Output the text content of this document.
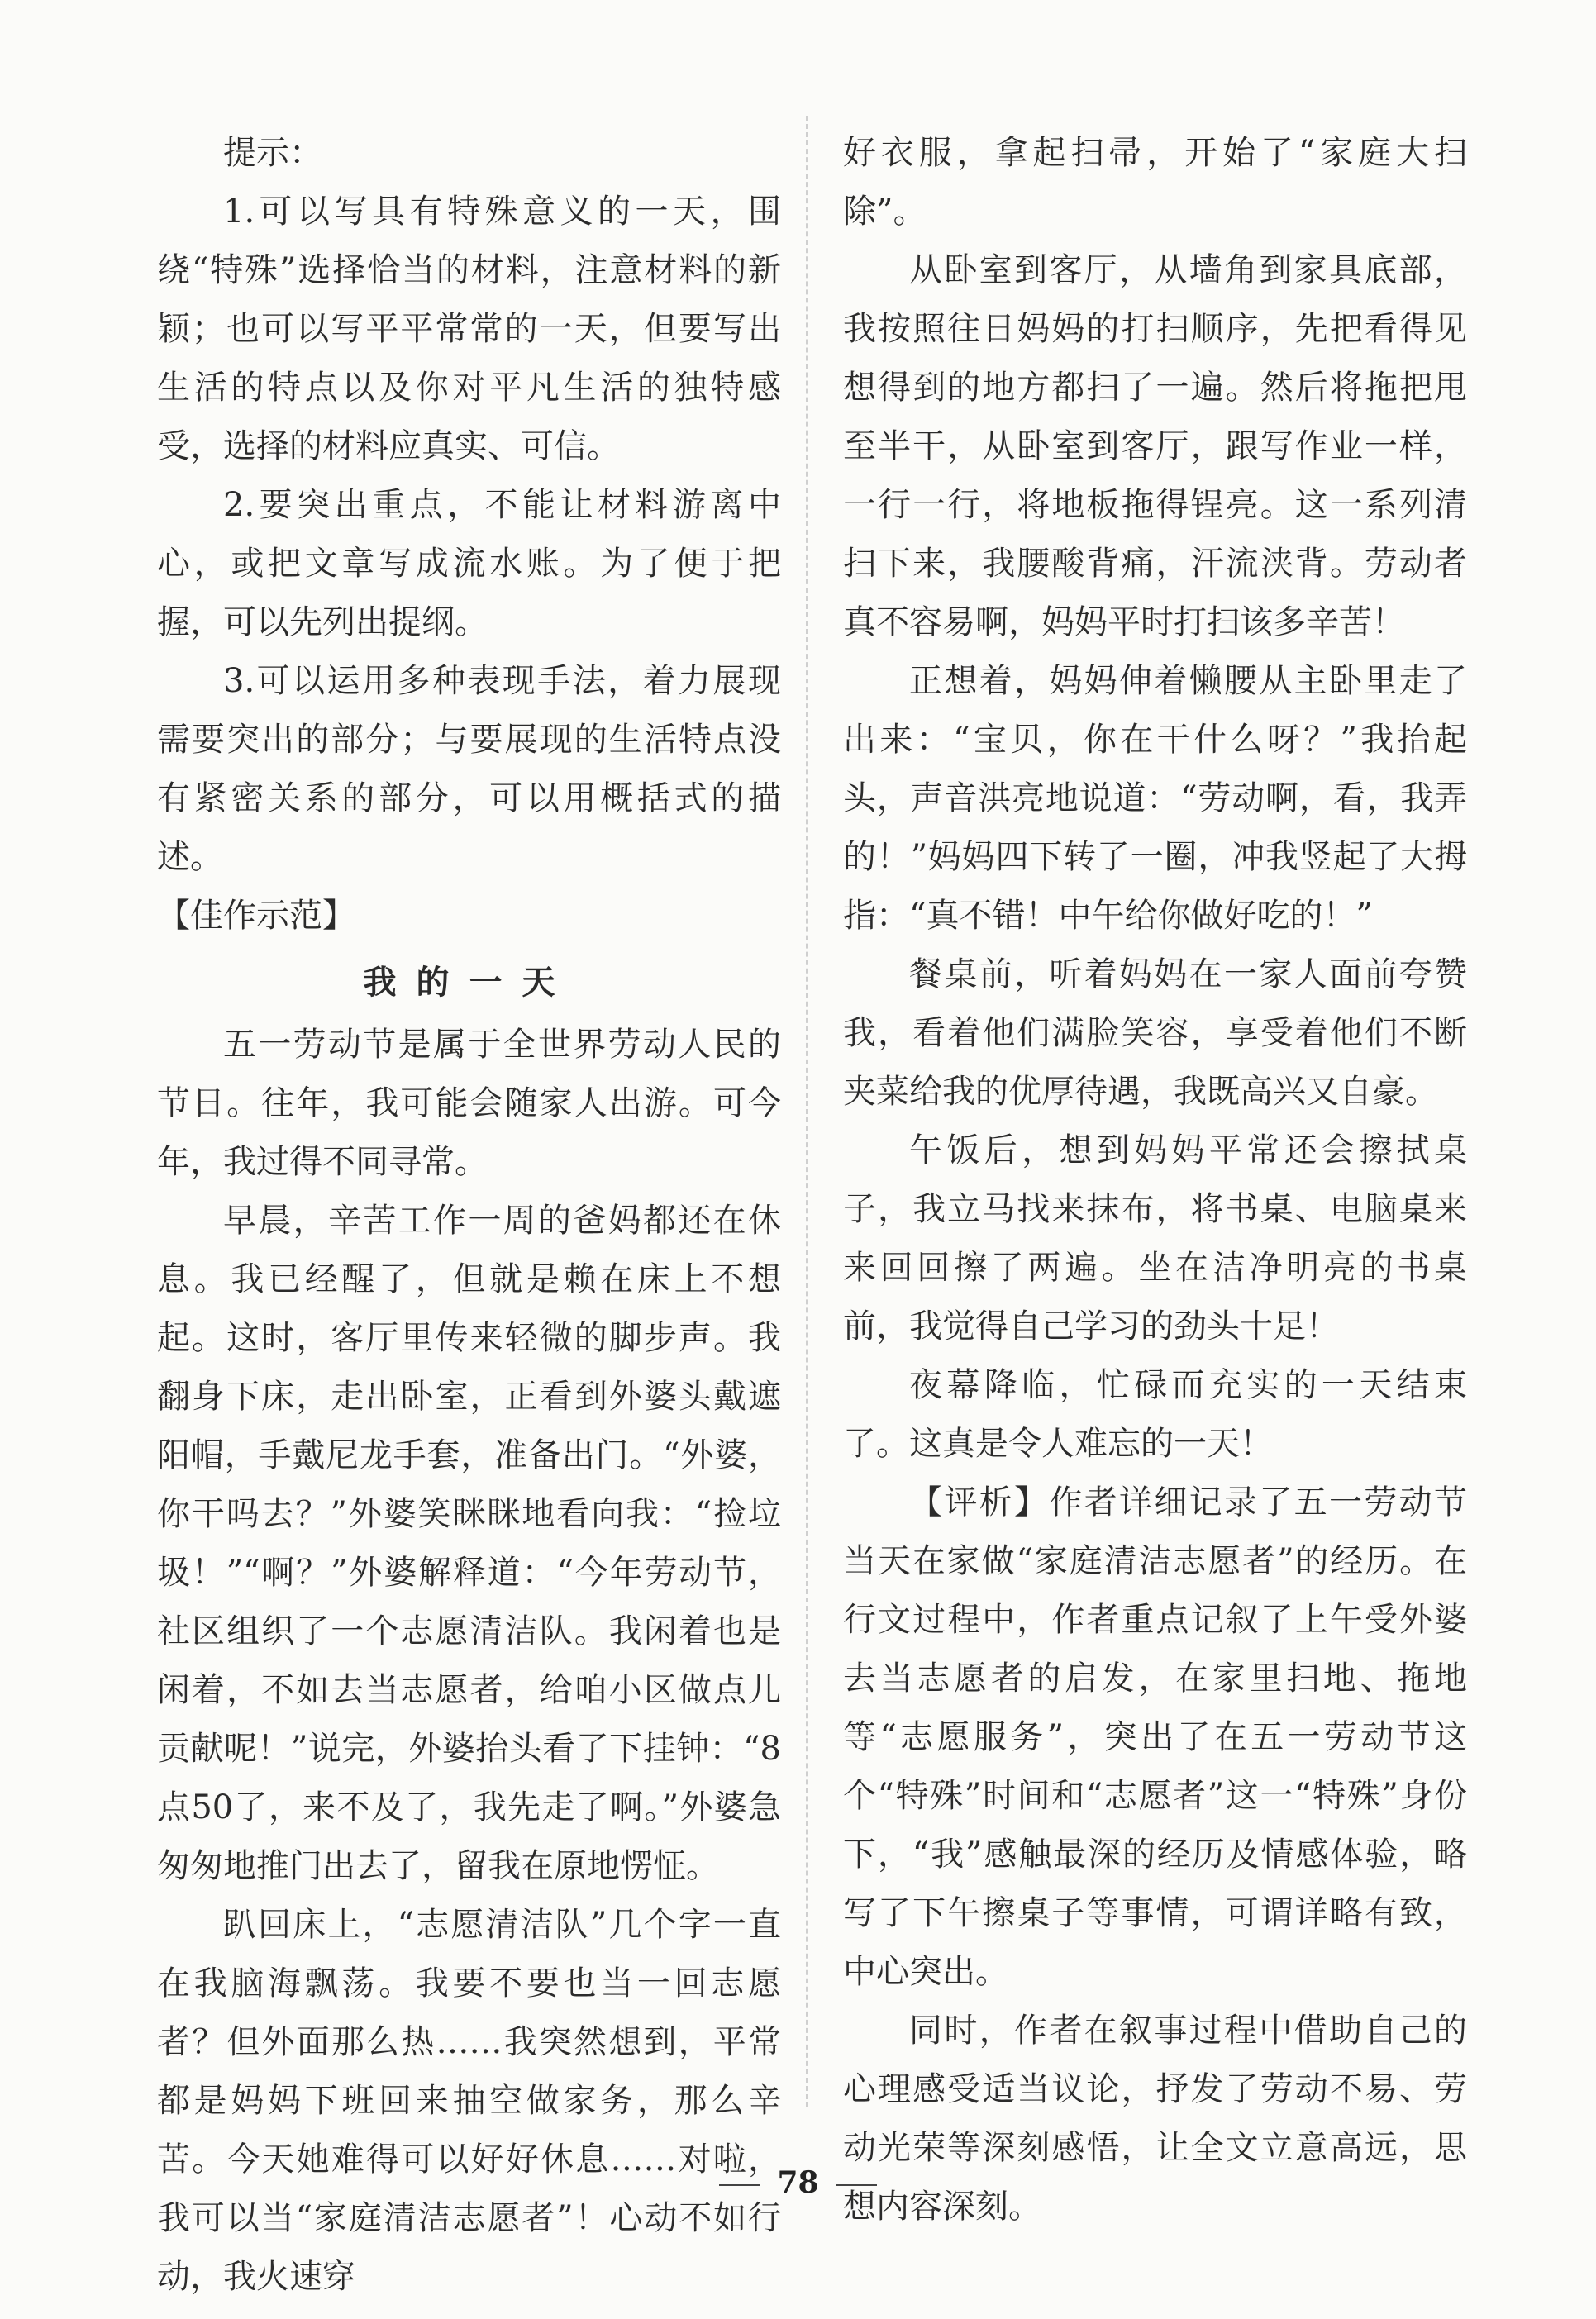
提示：

1.可以写具有特殊意义的一天，围绕“特殊”选择恰当的材料，注意材料的新颖；也可以写平平常常的一天，但要写出生活的特点以及你对平凡生活的独特感受，选择的材料应真实、可信。

2.要突出重点，不能让材料游离中心，或把文章写成流水账。为了便于把握，可以先列出提纲。

3.可以运用多种表现手法，着力展现需要突出的部分；与要展现的生活特点没有紧密关系的部分，可以用概括式的描述。

【佳作示范】

我的一天

五一劳动节是属于全世界劳动人民的节日。往年，我可能会随家人出游。可今年，我过得不同寻常。

早晨，辛苦工作一周的爸妈都还在休息。我已经醒了，但就是赖在床上不想起。这时，客厅里传来轻微的脚步声。我翻身下床，走出卧室，正看到外婆头戴遮阳帽，手戴尼龙手套，准备出门。“外婆，你干吗去？”外婆笑眯眯地看向我：“捡垃圾！”“啊？”外婆解释道：“今年劳动节，社区组织了一个志愿清洁队。我闲着也是闲着，不如去当志愿者，给咱小区做点儿贡献呢！”说完，外婆抬头看了下挂钟：“8点50了，来不及了，我先走了啊。”外婆急匆匆地推门出去了，留我在原地愣怔。

趴回床上，“志愿清洁队”几个字一直在我脑海飘荡。我要不要也当一回志愿者？但外面那么热……我突然想到，平常都是妈妈下班回来抽空做家务，那么辛苦。今天她难得可以好好休息……对啦，我可以当“家庭清洁志愿者”！心动不如行动，我火速穿

好衣服，拿起扫帚，开始了“家庭大扫除”。

从卧室到客厅，从墙角到家具底部，我按照往日妈妈的打扫顺序，先把看得见想得到的地方都扫了一遍。然后将拖把甩至半干，从卧室到客厅，跟写作业一样，一行一行，将地板拖得锃亮。这一系列清扫下来，我腰酸背痛，汗流浃背。劳动者真不容易啊，妈妈平时打扫该多辛苦！

正想着，妈妈伸着懒腰从主卧里走了出来：“宝贝，你在干什么呀？”我抬起头，声音洪亮地说道：“劳动啊，看，我弄的！”妈妈四下转了一圈，冲我竖起了大拇指：“真不错！中午给你做好吃的！”

餐桌前，听着妈妈在一家人面前夸赞我，看着他们满脸笑容，享受着他们不断夹菜给我的优厚待遇，我既高兴又自豪。

午饭后，想到妈妈平常还会擦拭桌子，我立马找来抹布，将书桌、电脑桌来来回回擦了两遍。坐在洁净明亮的书桌前，我觉得自己学习的劲头十足！

夜幕降临，忙碌而充实的一天结束了。这真是令人难忘的一天！

【评析】作者详细记录了五一劳动节当天在家做“家庭清洁志愿者”的经历。在行文过程中，作者重点记叙了上午受外婆去当志愿者的启发，在家里扫地、拖地等“志愿服务”，突出了在五一劳动节这个“特殊”时间和“志愿者”这一“特殊”身份下，“我”感触最深的经历及情感体验，略写了下午擦桌子等事情，可谓详略有致，中心突出。

同时，作者在叙事过程中借助自己的心理感受适当议论，抒发了劳动不易、劳动光荣等深刻感悟，让全文立意高远，思想内容深刻。

78
